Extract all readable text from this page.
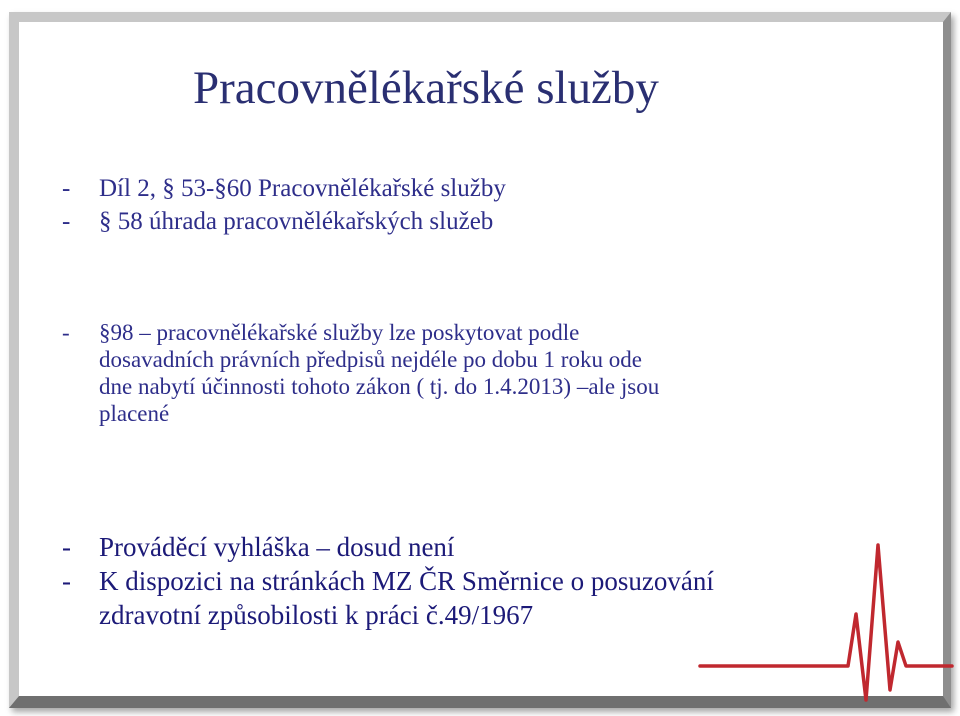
Pracovnělékařské služby
-	Díl 2, § 53-§60 Pracovnělékařské služby
-	§ 58 úhrada pracovnělékařských služeb
-	§98 – pracovnělékařské služby lze poskytovat podle
dosavadních právních předpisů nejdéle po dobu 1 roku ode
dne nabytí účinnosti tohoto zákon ( tj. do 1.4.2013) –ale jsou
placené
-	Prováděcí vyhláška – dosud není
-	K dispozici na stránkách MZ ČR Směrnice o posuzování
zdravotní způsobilosti k práci č.49/1967
